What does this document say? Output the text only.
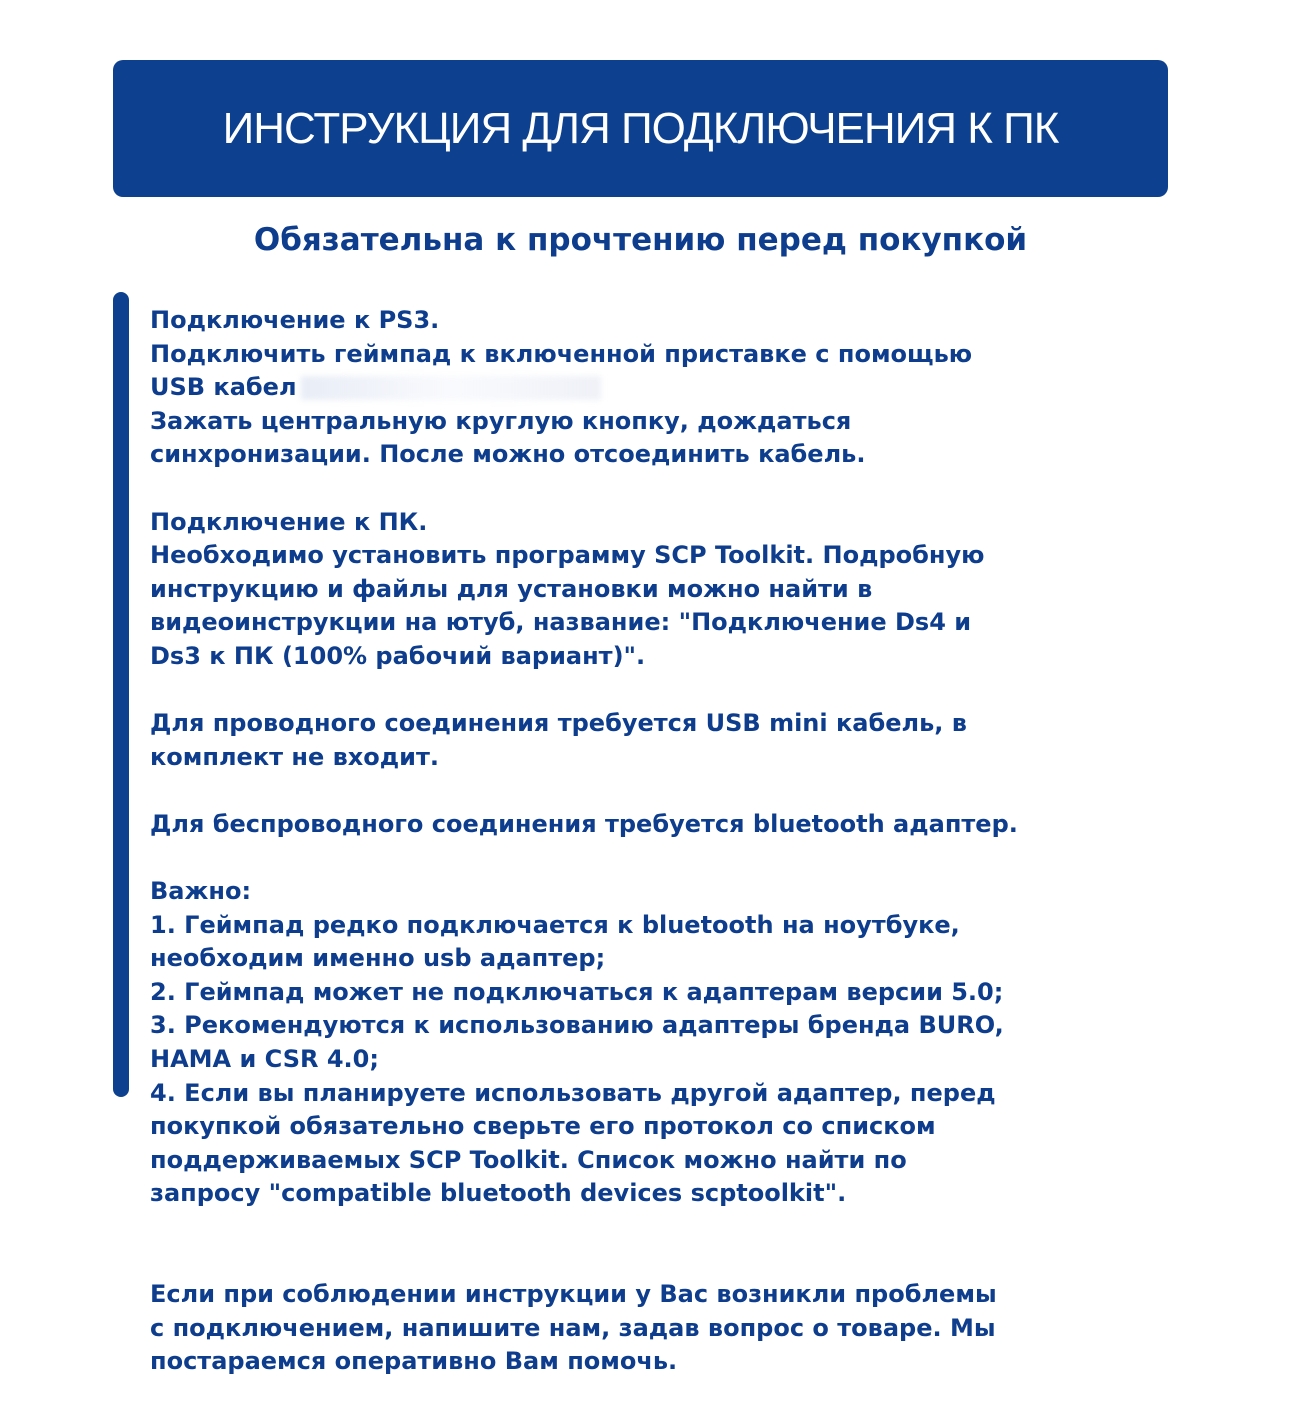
ИНСТРУКЦИЯ ДЛЯ ПОДКЛЮЧЕНИЯ К ПК
Обязательна к прочтению перед покупкой
Подключение к PS3.
Подключить геймпад к включенной приставке с помощью
USB кабел
Зажать центральную круглую кнопку, дождаться
синхронизации. После можно отсоединить кабель.
Подключение к ПК.
Необходимо установить программу SCP Toolkit. Подробную
инструкцию и файлы для установки можно найти в
видеоинструкции на ютуб, название: "Подключение Ds4 и
Ds3 к ПК (100% рабочий вариант)".
Для проводного соединения требуется USB mini кабель, в
комплект не входит.
Для беспроводного соединения требуется bluetooth адаптер.
Важно:
1. Геймпад редко подключается к bluetooth на ноутбуке,
необходим именно usb адаптер;
2. Геймпад может не подключаться к адаптерам версии 5.0;
3. Рекомендуются к использованию адаптеры бренда BURO,
HAMA и CSR 4.0;
4. Если вы планируете использовать другой адаптер, перед
покупкой обязательно сверьте его протокол со списком
поддерживаемых SCP Toolkit. Список можно найти по
запросу "compatible bluetooth devices scptoolkit".
Если при соблюдении инструкции у Вас возникли проблемы
с подключением, напишите нам, задав вопрос о товаре. Мы
постараемся оперативно Вам помочь.
